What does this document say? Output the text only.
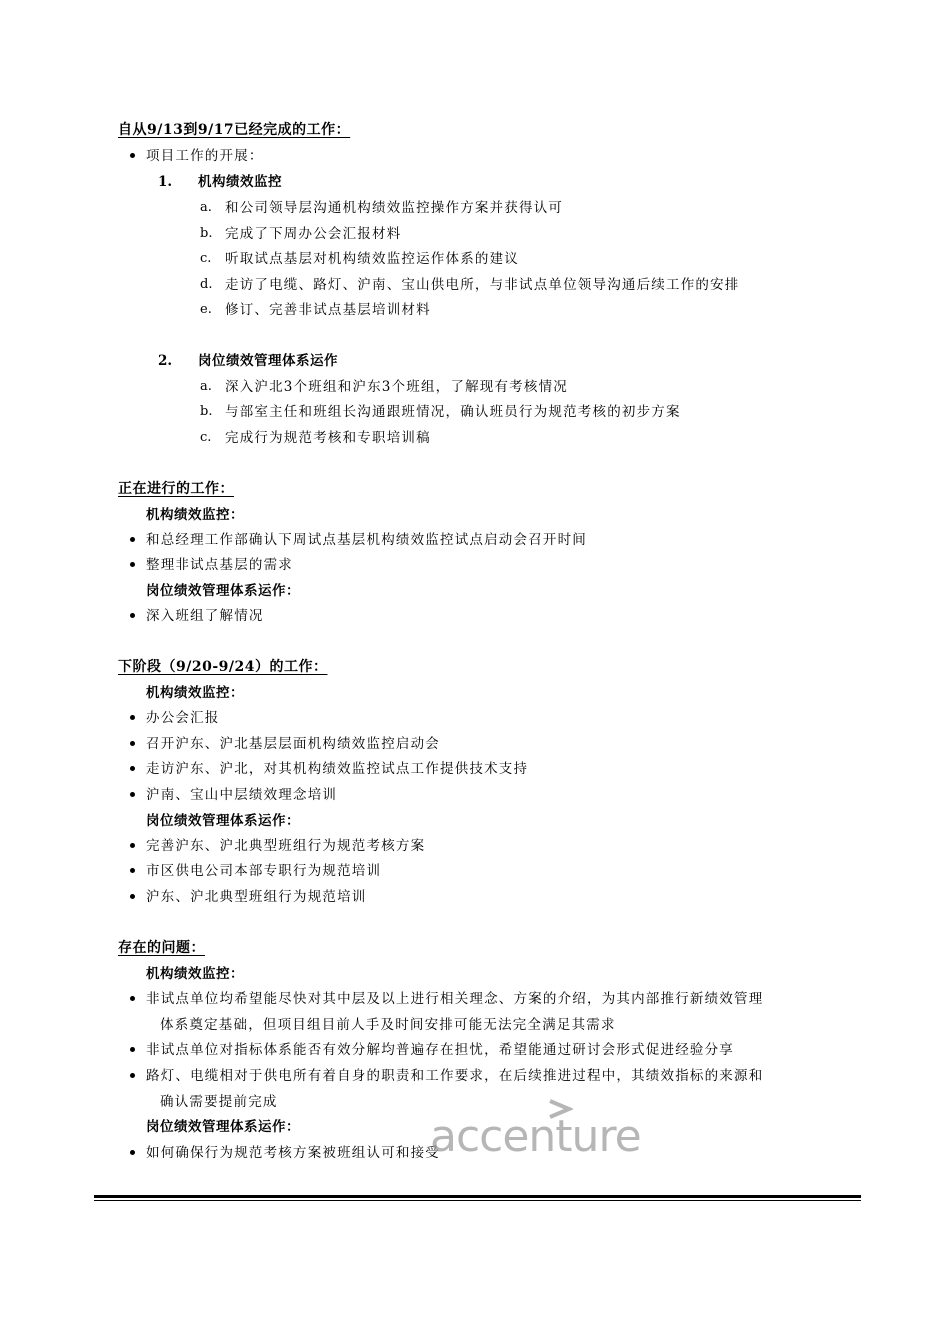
自从9/13到9/17已经完成的工作：
项目工作的开展：
1. 机构绩效监控
a. 和公司领导层沟通机构绩效监控操作方案并获得认可
b. 完成了下周办公会汇报材料
c. 听取试点基层对机构绩效监控运作体系的建议
d. 走访了电缆、路灯、沪南、宝山供电所，与非试点单位领导沟通后续工作的安排
e. 修订、完善非试点基层培训材料
2. 岗位绩效管理体系运作
a. 深入沪北3个班组和沪东3个班组，了解现有考核情况
b. 与部室主任和班组长沟通跟班情况，确认班员行为规范考核的初步方案
c. 完成行为规范考核和专职培训稿
正在进行的工作：
机构绩效监控：
和总经理工作部确认下周试点基层机构绩效监控试点启动会召开时间
整理非试点基层的需求
岗位绩效管理体系运作：
深入班组了解情况
下阶段（9/20-9/24）的工作：
机构绩效监控：
办公会汇报
召开沪东、沪北基层层面机构绩效监控启动会
走访沪东、沪北，对其机构绩效监控试点工作提供技术支持
沪南、宝山中层绩效理念培训
岗位绩效管理体系运作：
完善沪东、沪北典型班组行为规范考核方案
市区供电公司本部专职行为规范培训
沪东、沪北典型班组行为规范培训
存在的问题：
机构绩效监控：
非试点单位均希望能尽快对其中层及以上进行相关理念、方案的介绍，为其内部推行新绩效管理
体系奠定基础，但项目组目前人手及时间安排可能无法完全满足其需求
非试点单位对指标体系能否有效分解均普遍存在担忧，希望能通过研讨会形式促进经验分享
路灯、电缆相对于供电所有着自身的职责和工作要求，在后续推进过程中，其绩效指标的来源和
确认需要提前完成
岗位绩效管理体系运作：
如何确保行为规范考核方案被班组认可和接受
accenture
